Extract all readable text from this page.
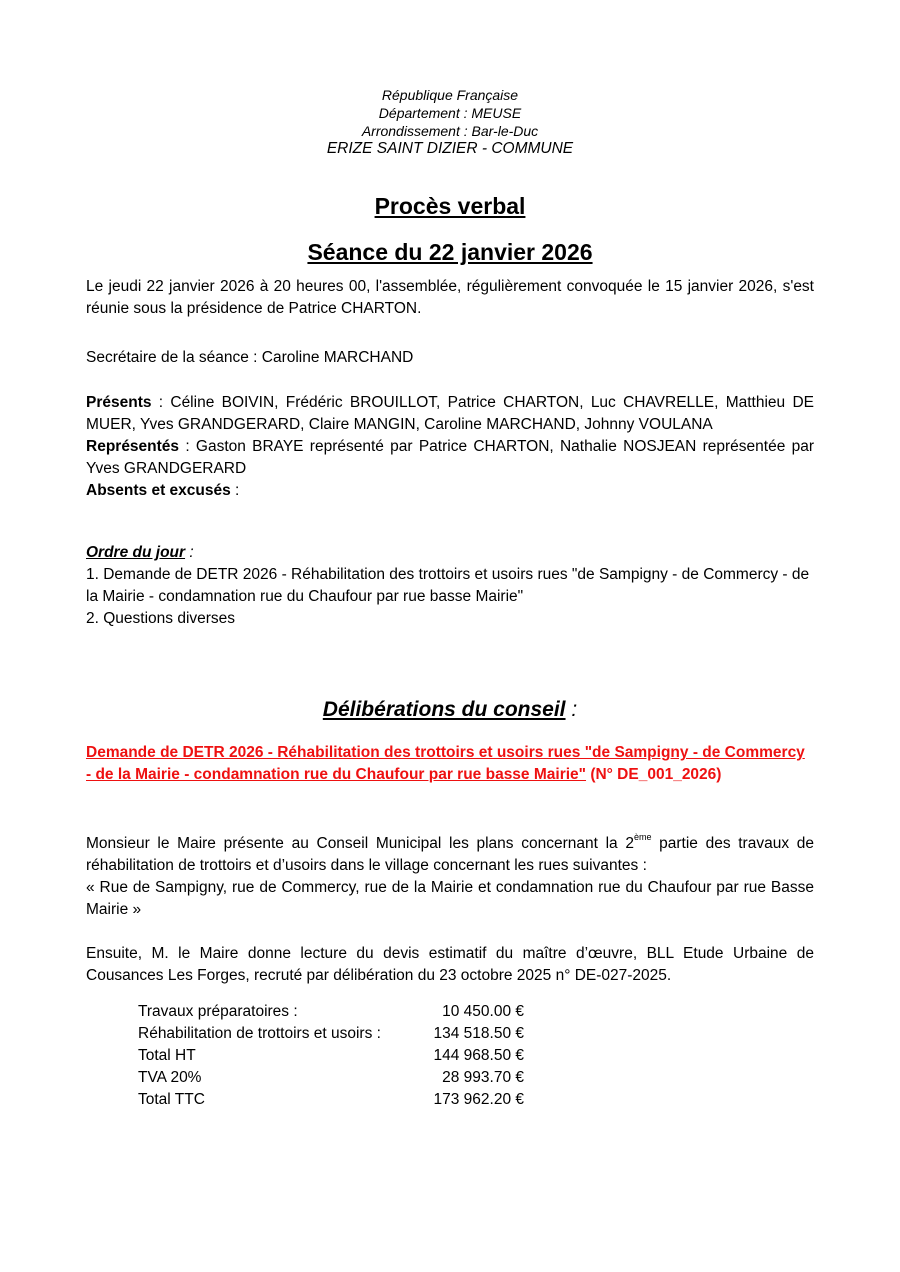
République Française
Département : MEUSE
Arrondissement : Bar-le-Duc
ERIZE SAINT DIZIER - COMMUNE
Procès verbal
Séance du 22 janvier 2026

Le jeudi 22 janvier 2026 à 20 heures 00, l'assemblée, régulièrement convoquée le 15 janvier 2026, s'est réunie sous la présidence de Patrice CHARTON.

Secrétaire de la séance : Caroline MARCHAND

Présents : Céline BOIVIN, Frédéric BROUILLOT, Patrice CHARTON, Luc CHAVRELLE, Matthieu DE MUER, Yves GRANDGERARD, Claire MANGIN, Caroline MARCHAND, Johnny VOULANA

Représentés : Gaston BRAYE représenté par Patrice CHARTON, Nathalie NOSJEAN représentée par Yves GRANDGERARD

Absents et excusés :

Ordre du jour :

1. Demande de DETR 2026 - Réhabilitation des trottoirs et usoirs rues "de Sampigny - de Commercy - de la Mairie - condamnation rue du Chaufour par rue basse Mairie"

2. Questions diverses

Délibérations du conseil :

Demande de DETR 2026 - Réhabilitation des trottoirs et usoirs rues "de Sampigny - de Commercy - de la Mairie - condamnation rue du Chaufour par rue basse Mairie" (N° DE_001_2026)

Monsieur le Maire présente au Conseil Municipal les plans concernant la 2ème partie des travaux de réhabilitation de trottoirs et d’usoirs dans le village concernant les rues suivantes :

« Rue de Sampigny, rue de Commercy, rue de la Mairie et condamnation rue du Chaufour par rue Basse Mairie »

Ensuite, M. le Maire donne lecture du devis estimatif du maître d’œuvre, BLL Etude Urbaine de Cousances Les Forges, recruté par délibération du 23 octobre 2025 n° DE-027-2025.

Travaux préparatoires :	10 450.00 €
Réhabilitation de trottoirs et usoirs :	134 518.50 €
Total HT	144 968.50 €
TVA 20%	28 993.70 €
Total TTC	173 962.20 €
